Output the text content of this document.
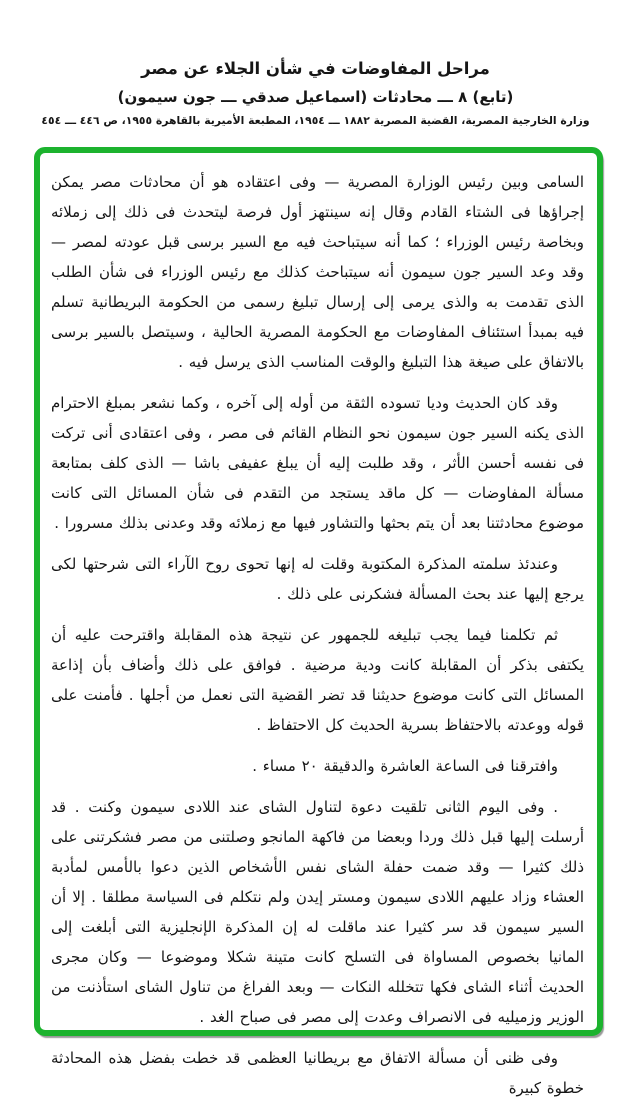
مراحل المفاوضات في شأن الجلاء عن مصر
(تابع) ٨ ـــ محادثات (اسماعيل صدقي ـــ جون سيمون)
وزارة الخارجية المصرية، القضية المصرية ١٨٨٢ ـــ ١٩٥٤، المطبعة الأميرية بالقاهرة ١٩٥٥، ص ٤٤٦ ـــ ٤٥٤

السامى وبين رئيس الوزارة المصرية — وفى اعتقاده هو أن محادثات مصر يمكن إجراؤها فى الشتاء القادم وقال إنه سينتهز أول فرصة ليتحدث فى ذلك إلى زملائه وبخاصة رئيس الوزراء ؛ كما أنه سيتباحث فيه مع السير برسى قبل عودته لمصر — وقد وعد السير جون سيمون أنه سيتباحث كذلك مع رئيس الوزراء فى شأن الطلب الذى تقدمت به والذى يرمى إلى إرسال تبليغ رسمى من الحكومة البريطانية تسلم فيه بمبدأ استئناف المفاوضات مع الحكومة المصرية الحالية ، وسيتصل بالسير برسى بالاتفاق على صيغة هذا التبليغ والوقت المناسب الذى يرسل فيه .

وقد كان الحديث وديا تسوده الثقة من أوله إلى آخره ، وكما نشعر بمبلغ الاحترام الذى يكنه السير جون سيمون نحو النظام القائم فى مصر ، وفى اعتقادى أنى تركت فى نفسه أحسن الأثر ، وقد طلبت إليه أن يبلغ عفيفى باشا — الذى كلف بمتابعة مسألة المفاوضات — كل ماقد يستجد من التقدم فى شأن المسائل التى كانت موضوع محادثتنا بعد أن يتم بحثها والتشاور فيها مع زملائه وقد وعدنى بذلك مسرورا .

وعندئذ سلمته المذكرة المكتوبة وقلت له إنها تحوى روح الآراء التى شرحتها لكى يرجع إليها عند بحث المسألة فشكرنى على ذلك .

ثم تكلمنا فيما يجب تبليغه للجمهور عن نتيجة هذه المقابلة واقترحت عليه أن يكتفى بذكر أن المقابلة كانت ودية مرضية . فوافق على ذلك وأضاف بأن إذاعة المسائل التى كانت موضوع حديثنا قد تضر القضية التى نعمل من أجلها . فأمنت على قوله ووعدته بالاحتفاظ بسرية الحديث كل الاحتفاظ .

وافترقنا فى الساعة العاشرة والدقيقة ٢٠ مساء .

. وفى اليوم الثانى تلقيت دعوة لتناول الشاى عند اللادى سيمون وكنت . قد أرسلت إليها قبل ذلك وردا وبعضا من فاكهة المانجو وصلتنى من مصر فشكرتنى على ذلك كثيرا — وقد ضمت حفلة الشاى نفس الأشخاص الذين دعوا بالأمس لمأدبة العشاء وزاد عليهم اللادى سيمون ومستر إيدن ولم نتكلم فى السياسة مطلقا . إلا أن السير سيمون قد سر كثيرا عند ماقلت له إن المذكرة الإنجليزية التى أبلغت إلى المانيا بخصوص المساواة فى التسلح كانت متينة شكلا وموضوعا — وكان مجرى الحديث أثناء الشاى فكها تتخلله النكات — وبعد الفراغ من تناول الشاى استأذنت من الوزير وزميليه فى الانصراف وعدت إلى مصر فى صباح الغد .

وفى ظنى أن مسألة الاتفاق مع بريطانيا العظمى قد خطت بفضل هذه المحادثة خطوة كبيرة
